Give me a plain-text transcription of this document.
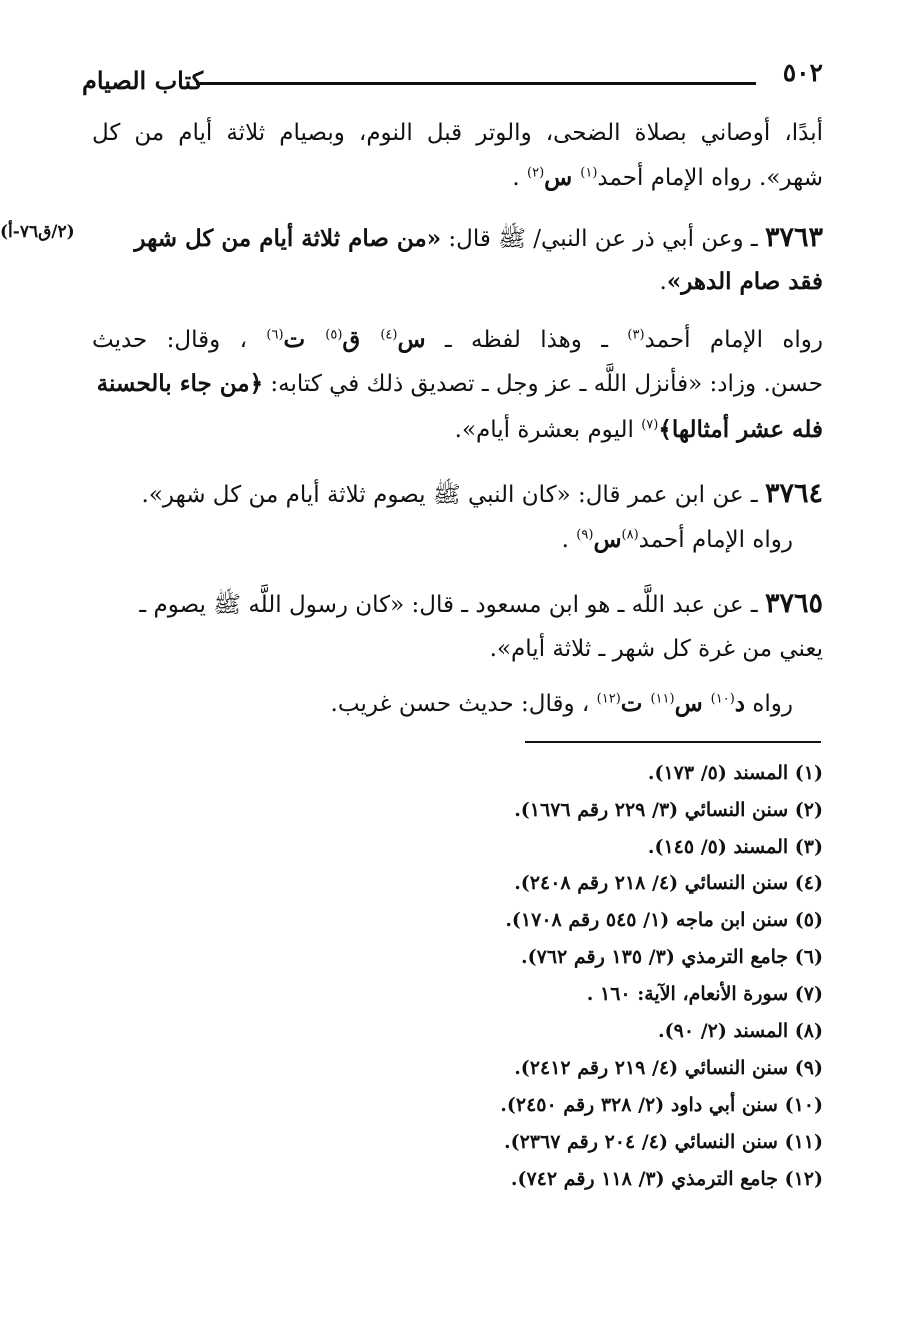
٥٠٢
كتاب الصيام
(٢/ق٧٦-أ)
أبدًا، أوصاني بصلاة الضحى، والوتر قبل النوم، وبصيام ثلاثة أيام من كل
شهر». رواه الإمام أحمد$^{(١)}$ س$^{(٢)}$ .
٣٧٦٣ ـ وعن أبي ذر عن النبي/ ﷺ قال: «من صام ثلاثة أيام من كل شهر
فقد صام الدهر».
رواه الإمام أحمد$^{(٣)}$ ـ وهذا لفظه ـ س$^{(٤)}$ ق$^{(٥)}$ ت$^{(٦)}$ ، وقال: حديث
حسن. وزاد: «فأنزل اللَّه ـ عز وجل ـ تصديق ذلك في كتابه: ﴿من جاء بالحسنة
فله عشر أمثالها﴾$^{(٧)}$ اليوم بعشرة أيام».
٣٧٦٤ ـ عن ابن عمر قال: «كان النبي ﷺ يصوم ثلاثة أيام من كل شهر».
رواه الإمام أحمد$^{(٨)}$س$^{(٩)}$ .
٣٧٦٥ ـ عن عبد اللَّه ـ هو ابن مسعود ـ قال: «كان رسول اللَّه ﷺ يصوم ـ
يعني من غرة كل شهر ـ ثلاثة أيام».
رواه د$^{(١٠)}$ س$^{(١١)}$ ت$^{(١٢)}$ ، وقال: حديث حسن غريب.
(١) المسند (٥/ ١٧٣).
(٢) سنن النسائي (٣/ ٢٢٩ رقم ١٦٧٦).
(٣) المسند (٥/ ١٤٥).
(٤) سنن النسائي (٤/ ٢١٨ رقم ٢٤٠٨).
(٥) سنن ابن ماجه (١/ ٥٤٥ رقم ١٧٠٨).
(٦) جامع الترمذي (٣/ ١٣٥ رقم ٧٦٢).
(٧) سورة الأنعام، الآية: ١٦٠ .
(٨) المسند (٢/ ٩٠).
(٩) سنن النسائي (٤/ ٢١٩ رقم ٢٤١٢).
(١٠) سنن أبي داود (٢/ ٣٢٨ رقم ٢٤٥٠).
(١١) سنن النسائي (٤/ ٢٠٤ رقم ٢٣٦٧).
(١٢) جامع الترمذي (٣/ ١١٨ رقم ٧٤٢).
